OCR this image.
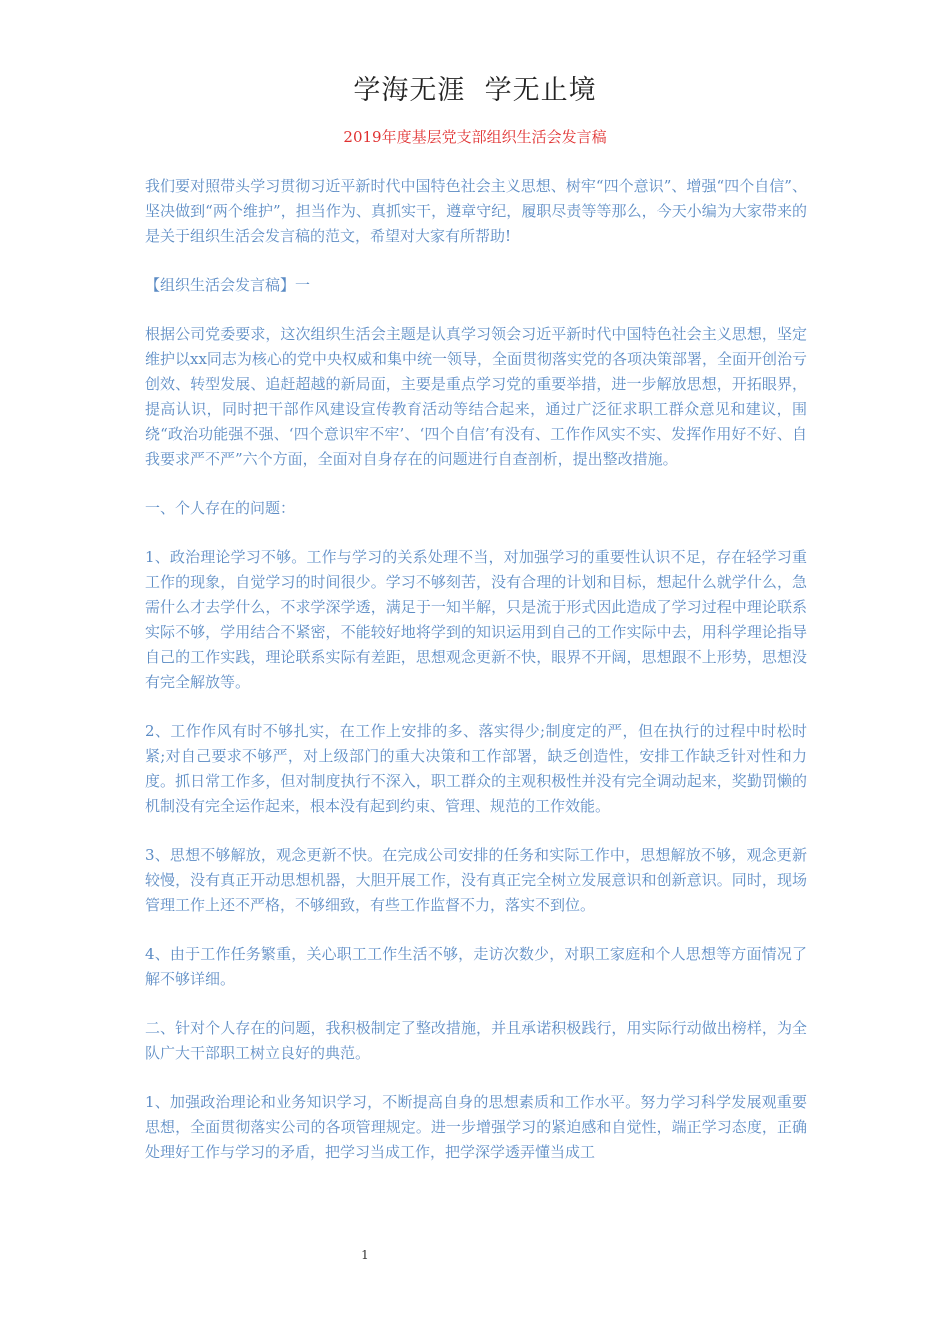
学海无涯  学无止境
2019年度基层党支部组织生活会发言稿

我们要对照带头学习贯彻习近平新时代中国特色社会主义思想、树牢“四个意识”、增强“四个自信”、坚决做到“两个维护”，担当作为、真抓实干，遵章守纪，履职尽责等等那么，今天小编为大家带来的是关于组织生活会发言稿的范文，希望对大家有所帮助!

【组织生活会发言稿】一

根据公司党委要求，这次组织生活会主题是认真学习领会习近平新时代中国特色社会主义思想，坚定维护以xx同志为核心的党中央权威和集中统一领导，全面贯彻落实党的各项决策部署，全面开创治亏创效、转型发展、追赶超越的新局面，主要是重点学习党的重要举措，进一步解放思想，开拓眼界，提高认识，同时把干部作风建设宣传教育活动等结合起来，通过广泛征求职工群众意见和建议，围绕“政治功能强不强、‘四个意识牢不牢’、‘四个自信’有没有、工作作风实不实、发挥作用好不好、自我要求严不严”六个方面，全面对自身存在的问题进行自查剖析，提出整改措施。

一、个人存在的问题：

1、政治理论学习不够。工作与学习的关系处理不当，对加强学习的重要性认识不足，存在轻学习重工作的现象，自觉学习的时间很少。学习不够刻苦，没有合理的计划和目标，想起什么就学什么，急需什么才去学什么，不求学深学透，满足于一知半解，只是流于形式因此造成了学习过程中理论联系实际不够，学用结合不紧密，不能较好地将学到的知识运用到自己的工作实际中去，用科学理论指导自己的工作实践，理论联系实际有差距，思想观念更新不快，眼界不开阔，思想跟不上形势，思想没有完全解放等。

2、工作作风有时不够扎实，在工作上安排的多、落实得少;制度定的严，但在执行的过程中时松时紧;对自己要求不够严，对上级部门的重大决策和工作部署，缺乏创造性，安排工作缺乏针对性和力度。抓日常工作多，但对制度执行不深入，职工群众的主观积极性并没有完全调动起来，奖勤罚懒的机制没有完全运作起来，根本没有起到约束、管理、规范的工作效能。

3、思想不够解放，观念更新不快。在完成公司安排的任务和实际工作中，思想解放不够，观念更新较慢，没有真正开动思想机器，大胆开展工作，没有真正完全树立发展意识和创新意识。同时，现场 管理工作上还不严格，不够细致，有些工作监督不力，落实不到位。

4、由于工作任务繁重，关心职工工作生活不够，走访次数少，对职工家庭和个人思想等方面情况了解不够详细。

二、针对个人存在的问题，我积极制定了整改措施，并且承诺积极践行，用实际行动做出榜样，为全队广大干部职工树立良好的典范。

1、加强政治理论和业务知识学习，不断提高自身的思想素质和工作水平。努力学习科学发展观重要思想，全面贯彻落实公司的各项管理规定。进一步增强学习的紧迫感和自觉性，端正学习态度，正确处理好工作与学习的矛盾，把学习当成工作，把学深学透弄懂当成工

1
